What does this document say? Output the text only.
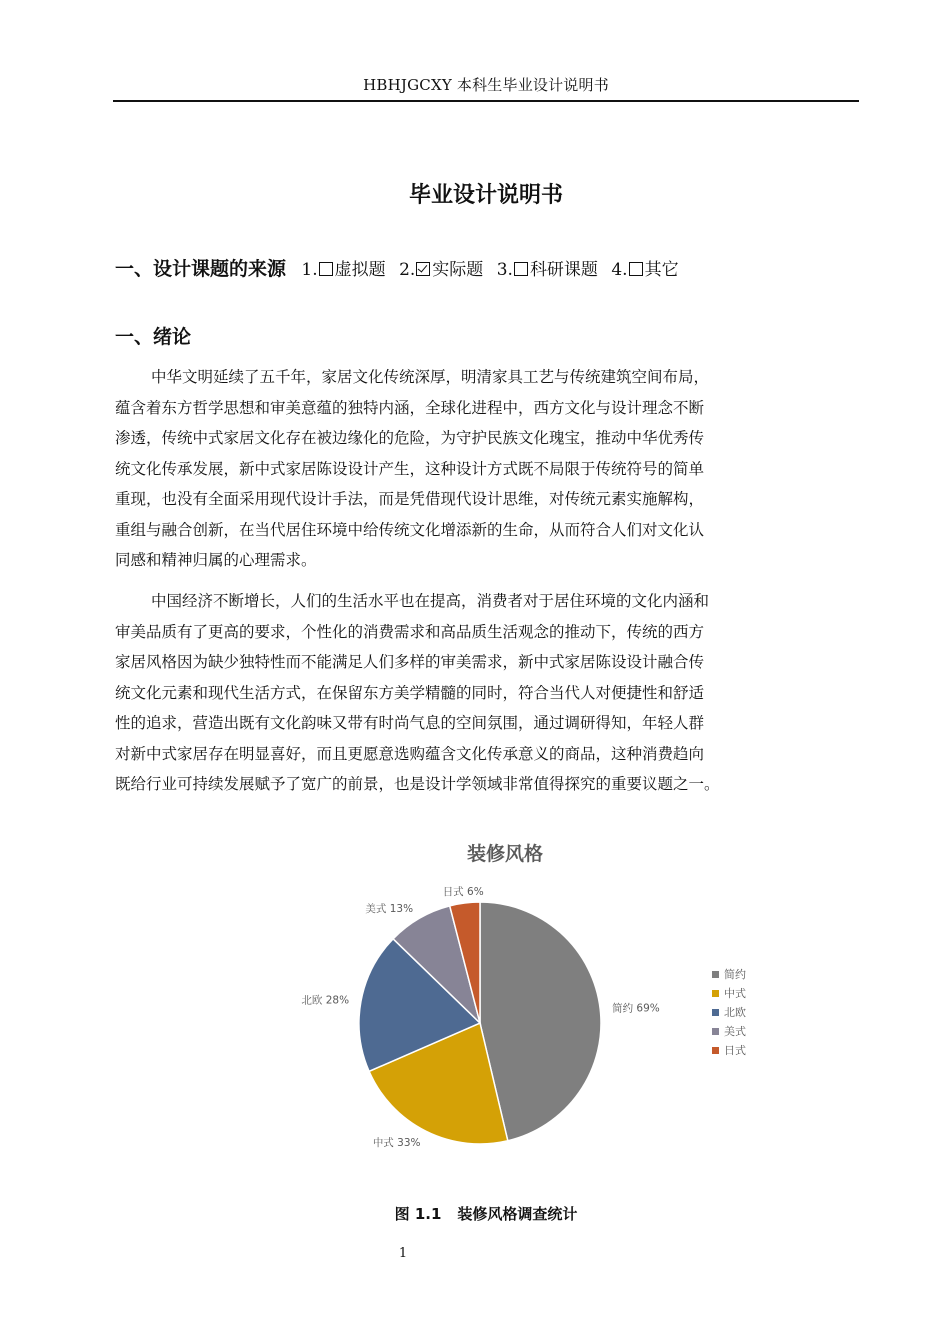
HBHJGCXY 本科生毕业设计说明书
毕业设计说明书
一、设计课题的来源 1. 虚拟题 2. 实际题 3. 科研课题 4. 其它
一、绪论
中华文明延续了五千年，家居文化传统深厚，明清家具工艺与传统建筑空间布局，
蕴含着东方哲学思想和审美意蕴的独特内涵，全球化进程中，西方文化与设计理念不断
渗透，传统中式家居文化存在被边缘化的危险，为守护民族文化瑰宝，推动中华优秀传
统文化传承发展，新中式家居陈设设计产生，这种设计方式既不局限于传统符号的简单
重现，也没有全面采用现代设计手法，而是凭借现代设计思维，对传统元素实施解构，
重组与融合创新，在当代居住环境中给传统文化增添新的生命，从而符合人们对文化认
同感和精神归属的心理需求。
中国经济不断增长，人们的生活水平也在提高，消费者对于居住环境的文化内涵和
审美品质有了更高的要求，个性化的消费需求和高品质生活观念的推动下，传统的西方
家居风格因为缺少独特性而不能满足人们多样的审美需求，新中式家居陈设设计融合传
统文化元素和现代生活方式，在保留东方美学精髓的同时，符合当代人对便捷性和舒适
性的追求，营造出既有文化韵味又带有时尚气息的空间氛围，通过调研得知，年轻人群
对新中式家居存在明显喜好，而且更愿意选购蕴含文化传承意义的商品，这种消费趋向
既给行业可持续发展赋予了宽广的前景，也是设计学领域非常值得探究的重要议题之一。
装修风格
简约 69%
中式 33%
北欧 28%
美式 13%
日式 6%
简约
中式
北欧
美式
日式
图 1.1 装修风格调查统计
1
